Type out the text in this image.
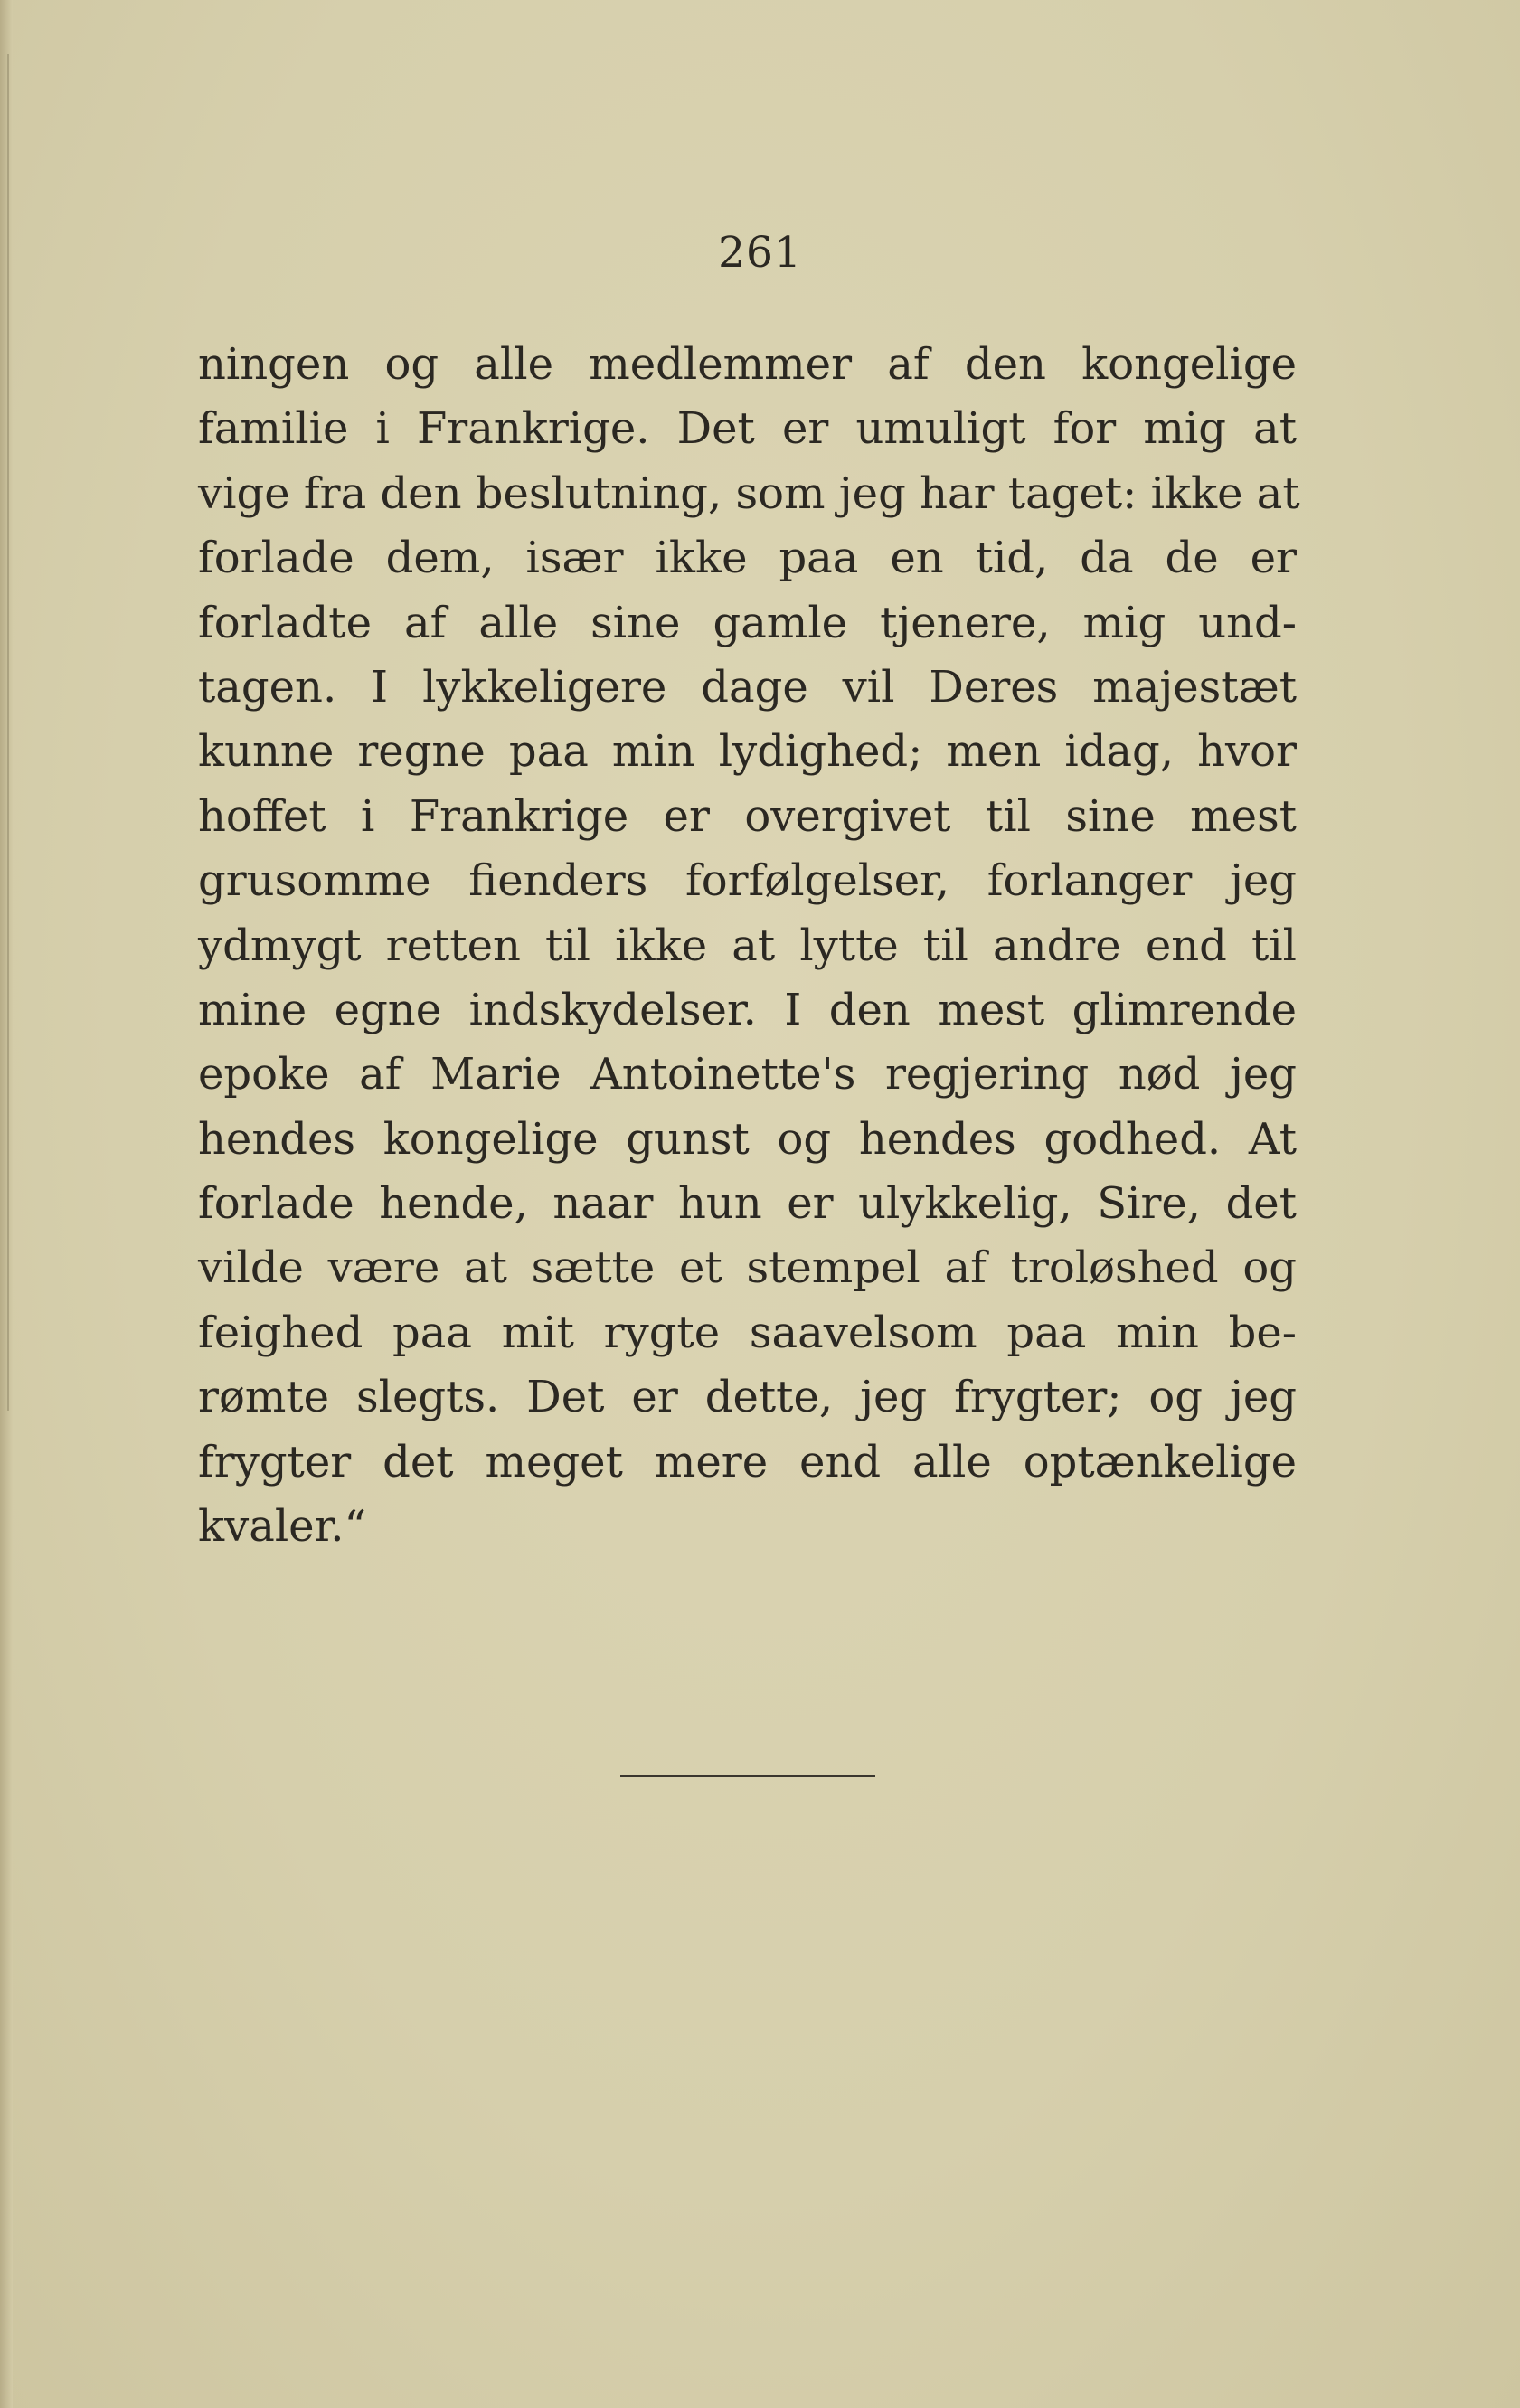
261
ningen og alle medlemmer af den kongelige
familie i Frankrige. Det er umuligt for mig at
vige fra den beslutning, som jeg har taget: ikke at
forlade dem, især ikke paa en tid, da de er
forladte af alle sine gamle tjenere, mig und-
tagen. I lykkeligere dage vil Deres majestæt
kunne regne paa min lydighed; men idag, hvor
hoffet i Frankrige er overgivet til sine mest
grusomme fienders forfølgelser, forlanger jeg
ydmygt retten til ikke at lytte til andre end til
mine egne indskydelser. I den mest glimrende
epoke af Marie Antoinette's regjering nød jeg
hendes kongelige gunst og hendes godhed. At
forlade hende, naar hun er ulykkelig, Sire, det
vilde være at sætte et stempel af troløshed og
feighed paa mit rygte saavelsom paa min be-
rømte slegts. Det er dette, jeg frygter; og jeg
frygter det meget mere end alle optænkelige
kvaler.“
